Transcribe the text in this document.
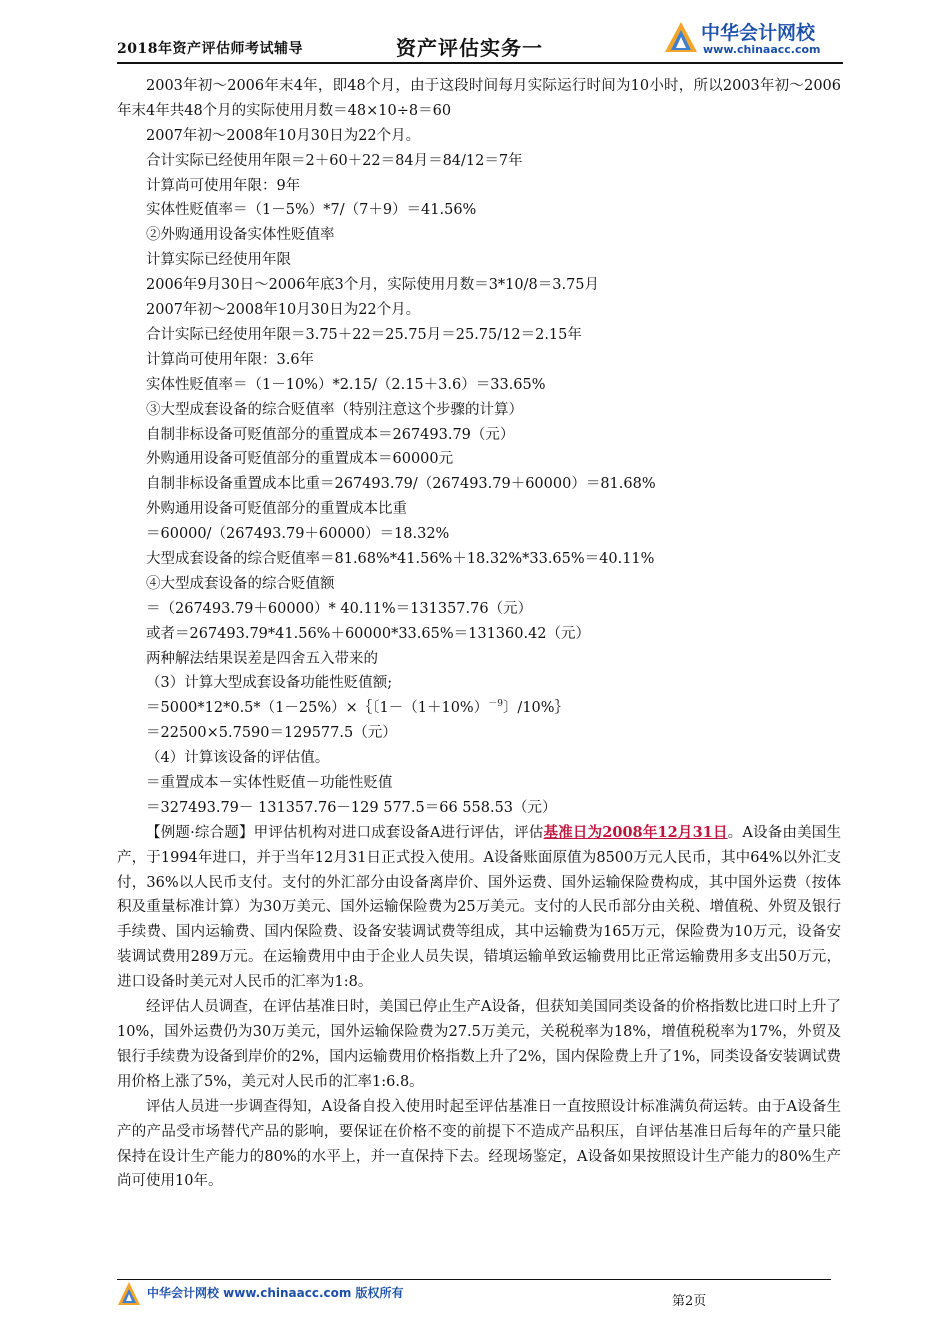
2018年资产评估师考试辅导	资产评估实务一
中华会计网校
www.chinaacc.com
2003年初～2006年末4年，即48个月，由于这段时间每月实际运行时间为10小时，所以2003年初～2006年末4年共48个月的实际使用月数＝48×10÷8＝60
2007年初～2008年10月30日为22个月。
合计实际已经使用年限＝2＋60＋22＝84月＝84/12＝7年
计算尚可使用年限：9年
实体性贬值率＝（1－5%）*7/（7＋9）＝41.56%
②外购通用设备实体性贬值率
计算实际已经使用年限
2006年9月30日～2006年底3个月，实际使用月数＝3*10/8＝3.75月
2007年初～2008年10月30日为22个月。
合计实际已经使用年限＝3.75＋22＝25.75月＝25.75/12＝2.15年
计算尚可使用年限：3.6年
实体性贬值率＝（1－10%）*2.15/（2.15＋3.6）＝33.65%
③大型成套设备的综合贬值率（特别注意这个步骤的计算）
自制非标设备可贬值部分的重置成本＝267493.79（元）
外购通用设备可贬值部分的重置成本＝60000元
自制非标设备重置成本比重＝267493.79/（267493.79＋60000）＝81.68%
外购通用设备可贬值部分的重置成本比重
＝60000/（267493.79＋60000）＝18.32%
大型成套设备的综合贬值率＝81.68%*41.56%＋18.32%*33.65%＝40.11%
④大型成套设备的综合贬值额
＝（267493.79＋60000）* 40.11%＝131357.76（元）
或者＝267493.79*41.56%＋60000*33.65%＝131360.42（元）
两种解法结果误差是四舍五入带来的
（3）计算大型成套设备功能性贬值额;
＝5000*12*0.5*（1－25%）×｛〔$1-(1+10\%)^{-9}$〕/10%｝
＝22500×5.7590＝129577.5（元）
（4）计算该设备的评估值。
＝重置成本－实体性贬值－功能性贬值
＝327493.79－ 131357.76－129 577.5＝66 558.53（元）

【例题·综合题】甲评估机构对进口成套设备A进行评估，评估基准日为2008年12月31日。A设备由美国生产，于1994年进口，并于当年12月31日正式投入使用。A设备账面原值为8500万元人民币，其中64%以外汇支付，36%以人民币支付。支付的外汇部分由设备离岸价、国外运费、国外运输保险费构成，其中国外运费（按体积及重量标准计算）为30万美元、国外运输保险费为25万美元。支付的人民币部分由关税、增值税、外贸及银行手续费、国内运输费、国内保险费、设备安装调试费等组成，其中运输费为165万元，保险费为10万元，设备安装调试费用289万元。在运输费用中由于企业人员失误，错填运输单致运输费用比正常运输费用多支出50万元，进口设备时美元对人民币的汇率为1:8。

经评估人员调查，在评估基准日时，美国已停止生产A设备，但获知美国同类设备的价格指数比进口时上升了10%，国外运费仍为30万美元，国外运输保险费为27.5万美元，关税税率为18%，增值税税率为17%，外贸及银行手续费为设备到岸价的2%，国内运输费用价格指数上升了2%，国内保险费上升了1%，同类设备安装调试费用价格上涨了5%，美元对人民币的汇率1:6.8。

评估人员进一步调查得知，A设备自投入使用时起至评估基准日一直按照设计标准满负荷运转。由于A设备生产的产品受市场替代产品的影响，要保证在价格不变的前提下不造成产品积压，自评估基准日后每年的产量只能保持在设计生产能力的80%的水平上，并一直保持下去。经现场鉴定，A设备如果按照设计生产能力的80%生产尚可使用10年。

中华会计网校 www.chinaacc.com 版权所有
第2页
